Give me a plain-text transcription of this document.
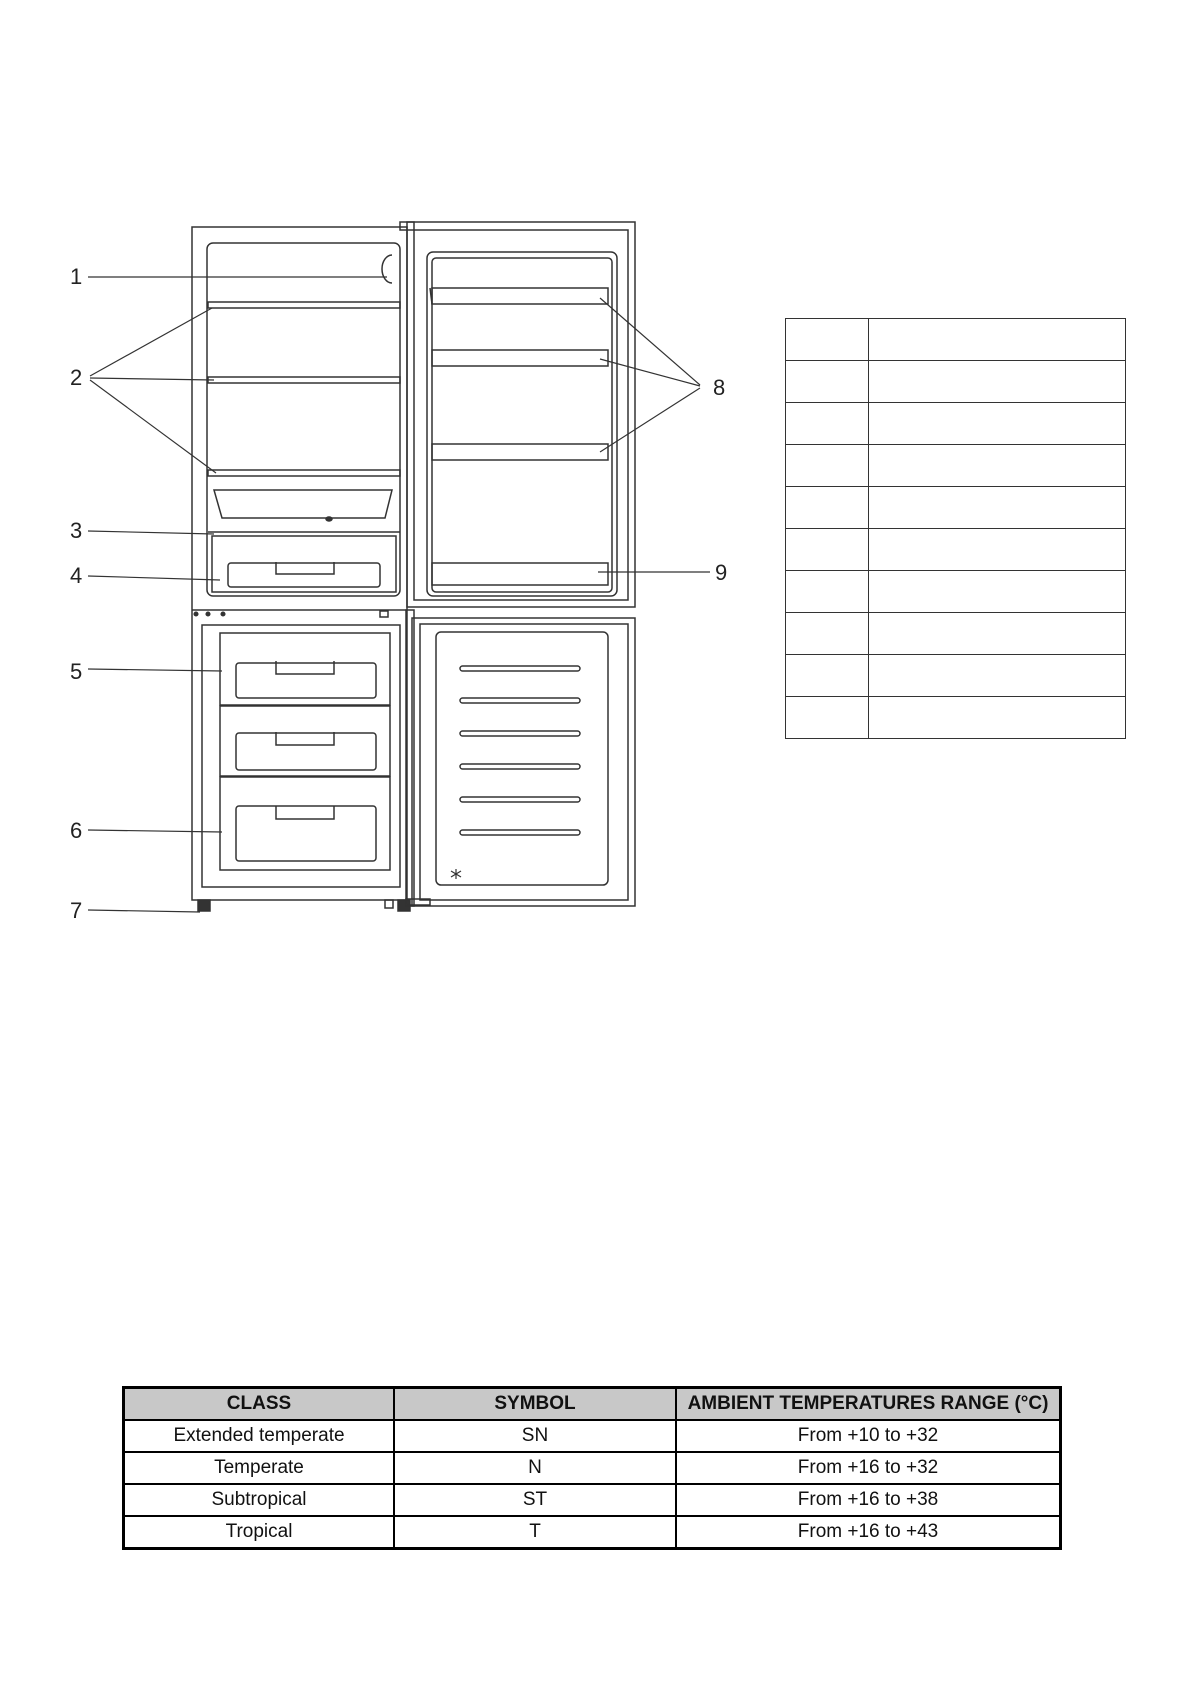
1
2
3
4
5
6
7
8
9

CLASS	SYMBOL	AMBIENT TEMPERATURES RANGE (°C)
Extended temperate	SN	From +10 to +32
Temperate	N	From +16 to +32
Subtropical	ST	From +16 to +38
Tropical	T	From +16 to +43
